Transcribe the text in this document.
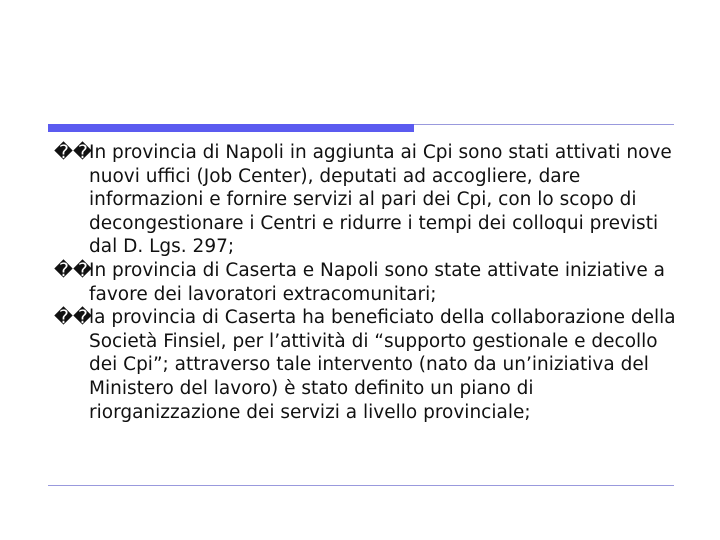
��
In provincia di Napoli in aggiunta ai Cpi sono stati attivati nove nuovi uffici (Job Center), deputati ad accogliere, dare informazioni e fornire servizi al pari dei Cpi, con lo scopo di decongestionare i Centri e ridurre i tempi dei colloqui previsti dal D. Lgs. 297;
��
In provincia di Caserta e Napoli sono state attivate iniziative a favore dei lavoratori extracomunitari;
��
la provincia di Caserta ha beneficiato della collaborazione della Società Finsiel, per l’attività di “supporto gestionale e decollo dei Cpi”; attraverso tale intervento (nato da un’iniziativa del Ministero del lavoro) è stato definito un piano di riorganizzazione dei servizi a livello provinciale;
